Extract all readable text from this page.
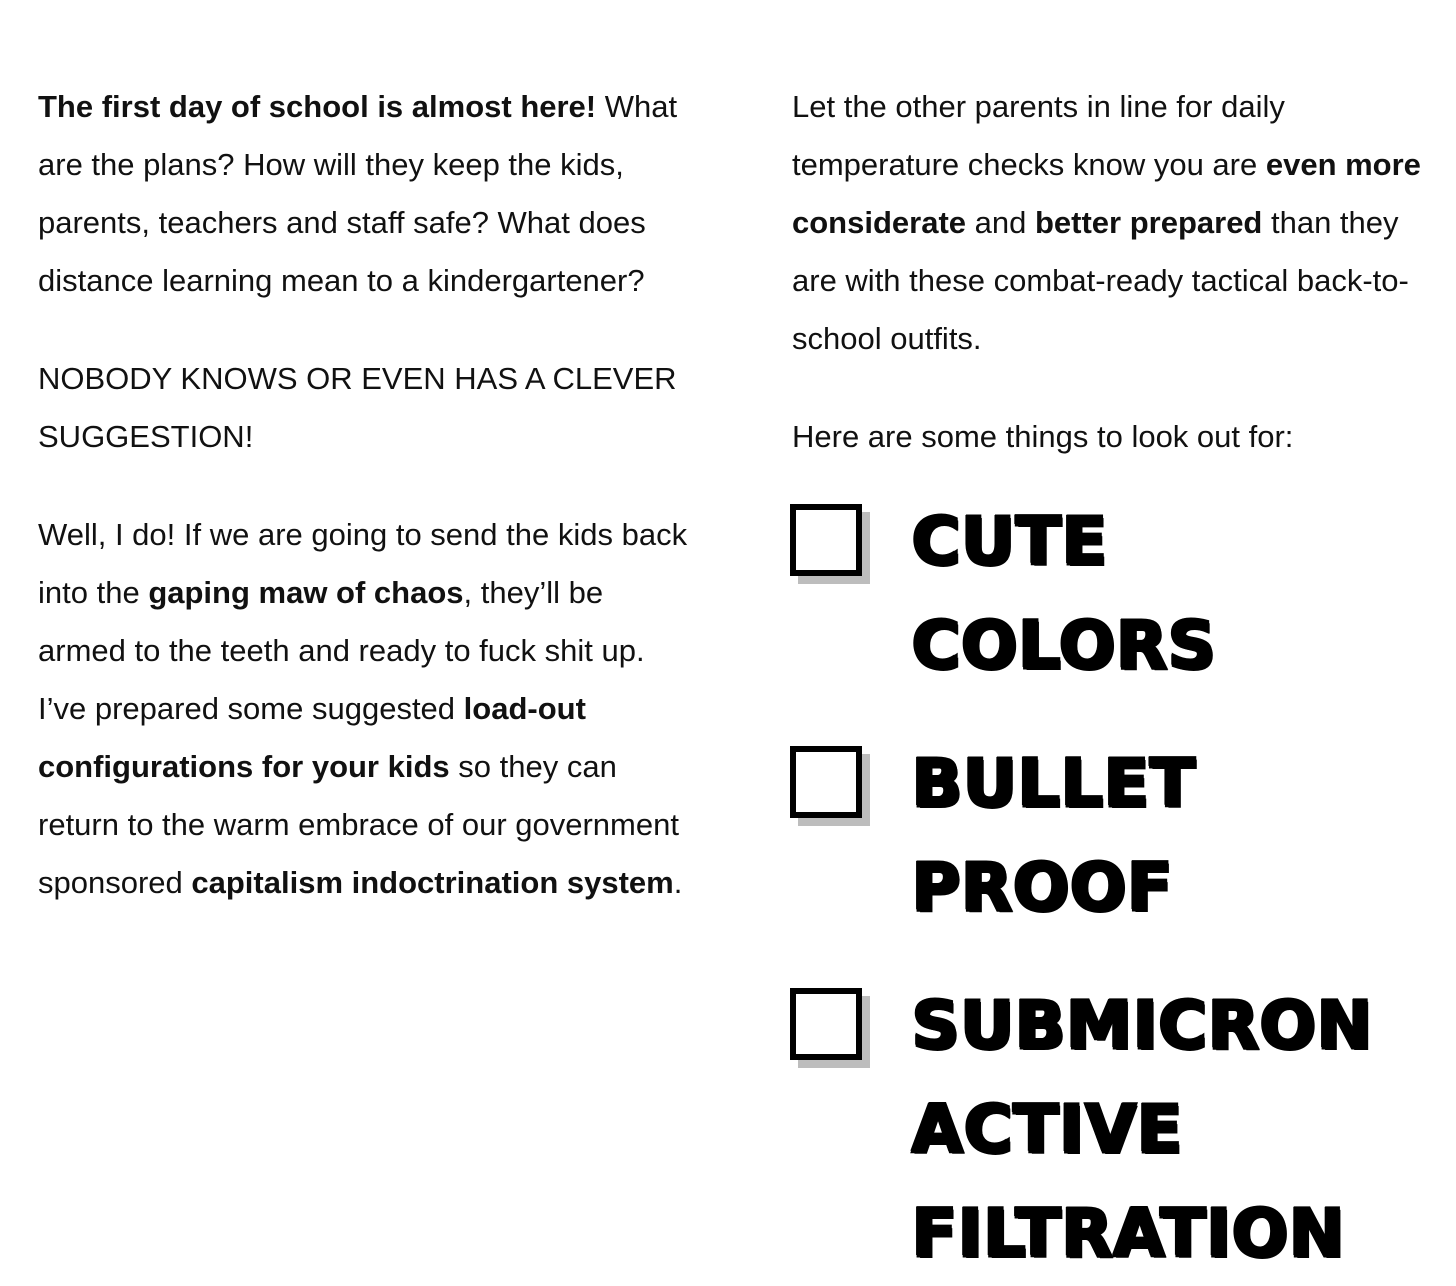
The first day of school is almost here! What are the plans? How will they keep the kids, parents, teachers and staff safe? What does distance learning mean to a kindergartener?

NOBODY KNOWS OR EVEN HAS A CLEVER SUGGESTION!

Well, I do! If we are going to send the kids back into the gaping maw of chaos, they’ll be armed to the teeth and ready to fuck shit up. I’ve prepared some suggested load-out configurations for your kids so they can return to the warm embrace of our government sponsored capitalism indoctrination system.

Let the other parents in line for daily temperature checks know you are even more considerate and better prepared than they are with these combat-ready tactical back-to-school outfits.

Here are some things to look out for:

CUTE COLORS
BULLET PROOF
SUBMICRON ACTIVE FILTRATION
